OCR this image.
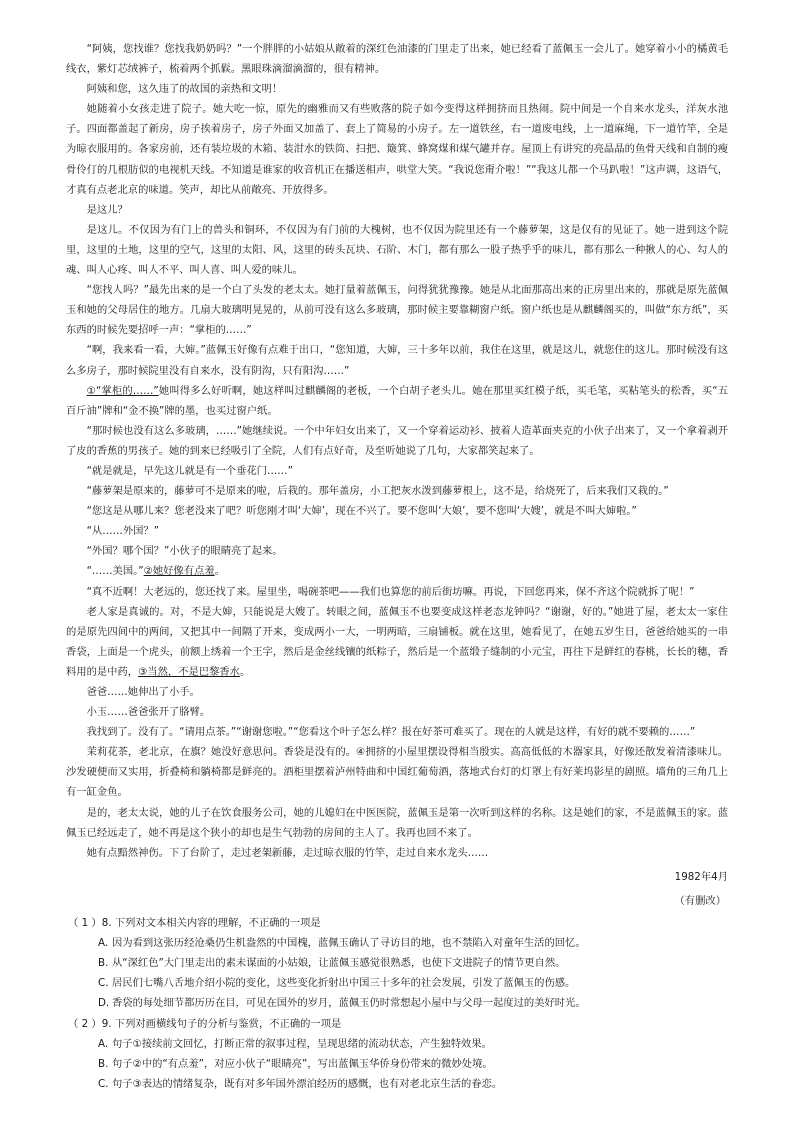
“阿姨，您找谁？您找我奶奶吗？”一个胖胖的小姑娘从敞着的深红色油漆的门里走了出来，她已经看了蓝佩玉一会儿了。她穿着小小的橘黄毛线衣，紫灯芯绒裤子，梳着两个抓鬏。黑眼珠滴溜滴溜的，很有精神。

阿姨和您，这久违了的故国的亲热和文明！

她随着小女孩走进了院子。她大吃一惊，原先的幽雅而又有些败落的院子如今变得这样拥挤而且热闹。院中间是一个自来水龙头，洋灰水池子。四面都盖起了新房，房子挨着房子，房子外面又加盖了、套上了简易的小房子。左一道铁丝，右一道废电线，上一道麻绳，下一道竹竿，全是为晾衣服用的。各家房前，还有装垃圾的木箱、装泔水的铁筒、扫把、簸箕、蜂窝煤和煤气罐并存。屋顶上有讲究的亮晶晶的鱼骨天线和自制的瘦骨伶仃的几根肪似的电视机天线。不知道是谁家的收音机正在播送相声，哄堂大笑。“我说您甭介啦！”“我这儿都一个马趴啦！”这声调，这语气，才真有点老北京的味道。笑声，却比从前敞亮、开放得多。

是这儿？

是这儿。不仅因为有门上的兽头和铜环，不仅因为有门前的大槐树，也不仅因为院里还有一个藤萝架，这是仅有的见证了。她一进到这个院里，这里的土地，这里的空气，这里的太阳、风，这里的砖头瓦块、石阶、木门，都有那么一股子热乎乎的味儿，都有那么一种揪人的心、勾人的魂、叫人心疼、叫人不平、叫人喜、叫人爱的味儿。

“您找人吗？”最先出来的是一个白了头发的老太太。她打量着蓝佩玉，问得犹犹豫豫。她是从北面那高出来的正房里出来的，那就是原先蓝佩玉和她的父母居住的地方。几扇大玻璃明晃晃的，从前可没有这么多玻璃，那时候主要靠糊窗户纸。窗户纸也是从麒麟阁买的，叫做“东方纸”，买东西的时候先要招呼一声：“掌柜的……”

“啊，我来看一看，大婶。”蓝佩玉好像有点难于出口，“您知道，大婶，三十多年以前，我住在这里，就是这儿，就您住的这儿。那时候没有这么多房子，那时候院里没有自来水，没有阴沟，只有阳沟……”

①“掌柜的……”她叫得多么好听啊，她这样叫过麒麟阁的老板，一个白胡子老头儿。她在那里买红模子纸，买毛笔，买粘笔头的松香，买“五百斤油”牌和“金不换”牌的墨，也买过窗户纸。

“那时候也没有这么多玻璃，……”她继续说。一个中年妇女出来了，又一个穿着运动衫、披着人造革面夹克的小伙子出来了，又一个拿着剥开了皮的香蕉的男孩子。她的到来已经吸引了全院，人们有点好奇，及至听她说了几句，大家都笑起来了。

“就是就是，早先这儿就是有一个垂花门……”

“藤萝架是原来的，藤萝可不是原来的啦，后栽的。那年盖房，小工把灰水泼到藤萝根上，这不是，给烧死了，后来我们又栽的。”

“您这是从哪儿来？您老没来了吧？听您刚才叫‘大婶’，现在不兴了。要不您叫‘大娘’，要不您叫‘大嫂’，就是不叫大婶啦。”

“从……外国？”

“外国？哪个国？”小伙子的眼睛亮了起来。

“……美国。”②她好像有点羞。

“真不近啊！大老远的，您还找了来。屋里坐，喝碗茶吧——我们也算您的前后街坊嘛。再说，下回您再来，保不齐这个院就拆了呢！”

老人家是真诚的。对，不是大婶，只能说是大嫂了。转眼之间，蓝佩玉不也要变成这样老态龙钟吗？“谢谢，好的。”她进了屋，老太太一家住的是原先四间中的两间，又把其中一间隔了开来，变成两小一大，一明两暗，三扇铺板。就在这里，她看见了，在她五岁生日，爸爸给她买的一串香袋，上面是一个虎头，前额上绣着一个王字，然后是金丝线镶的纸粽子，然后是一个蓝缎子缝制的小元宝，再往下是鲜红的春桃，长长的穗，香料用的是中药，③当然，不是巴黎香水。

爸爸……她伸出了小手。

小玉……爸爸张开了胳臂。

我找到了。没有了。“请用点茶。”“谢谢您啦。”“您看这个叶子怎么样？报在好茶可难买了。现在的人就是这样，有好的就不要赖的……”

茉莉花茶，老北京，在旗？她没好意思问。香袋是没有的。④拥挤的小屋里摆设得相当殷实。高高低低的木器家具，好像还散发着清漆味儿。沙发硬便而又实用，折叠椅和躺椅都是鲜亮的。酒柜里摆着泸州特曲和中国红葡萄酒，落地式台灯的灯罩上有好莱坞影星的剧照。墙角的三角几上有一缸金鱼。

是的，老太太说，她的儿子在饮食服务公司，她的儿媳妇在中医医院，蓝佩玉是第一次听到这样的名称。这是她们的家，不是蓝佩玉的家。蓝佩玉已经远走了，她不再是这个狭小的却也是生气勃勃的房间的主人了。我再也回不来了。

她有点黯然神伤。下了台阶了，走过老架新藤，走过晾衣服的竹竿，走过自来水龙头……

1982年4月

（有删改）

（ 1 ）8. 下列对文本相关内容的理解，不正确的一项是

A. 因为看到这张历经沧桑仍生机盎然的中国槐，蓝佩玉确认了寻访目的地，也不禁陷入对童年生活的回忆。

B. 从“深红色”大门里走出的素未谋面的小姑娘，让蓝佩玉感觉很熟悉，也使下文进院子的情节更自然。

C. 居民们七嘴八舌地介绍小院的变化，这些变化折射出中国三十多年的社会发展，引发了蓝佩玉的伤感。

D. 香袋的每处细节都历历在目，可见在国外的岁月，蓝佩玉仍时常想起小屋中与父母一起度过的美好时光。

（ 2 ）9. 下列对画横线句子的分析与鉴赏，不正确的一项是

A. 句子①接续前文回忆，打断正常的叙事过程，呈现思绪的流动状态，产生独特效果。

B. 句子②中的“有点羞”，对应小伙子“眼睛亮”，写出蓝佩玉华侨身份带来的微妙处境。

C. 句子③表达的情绪复杂，既有对多年国外漂泊经历的感慨，也有对老北京生活的眷恋。
